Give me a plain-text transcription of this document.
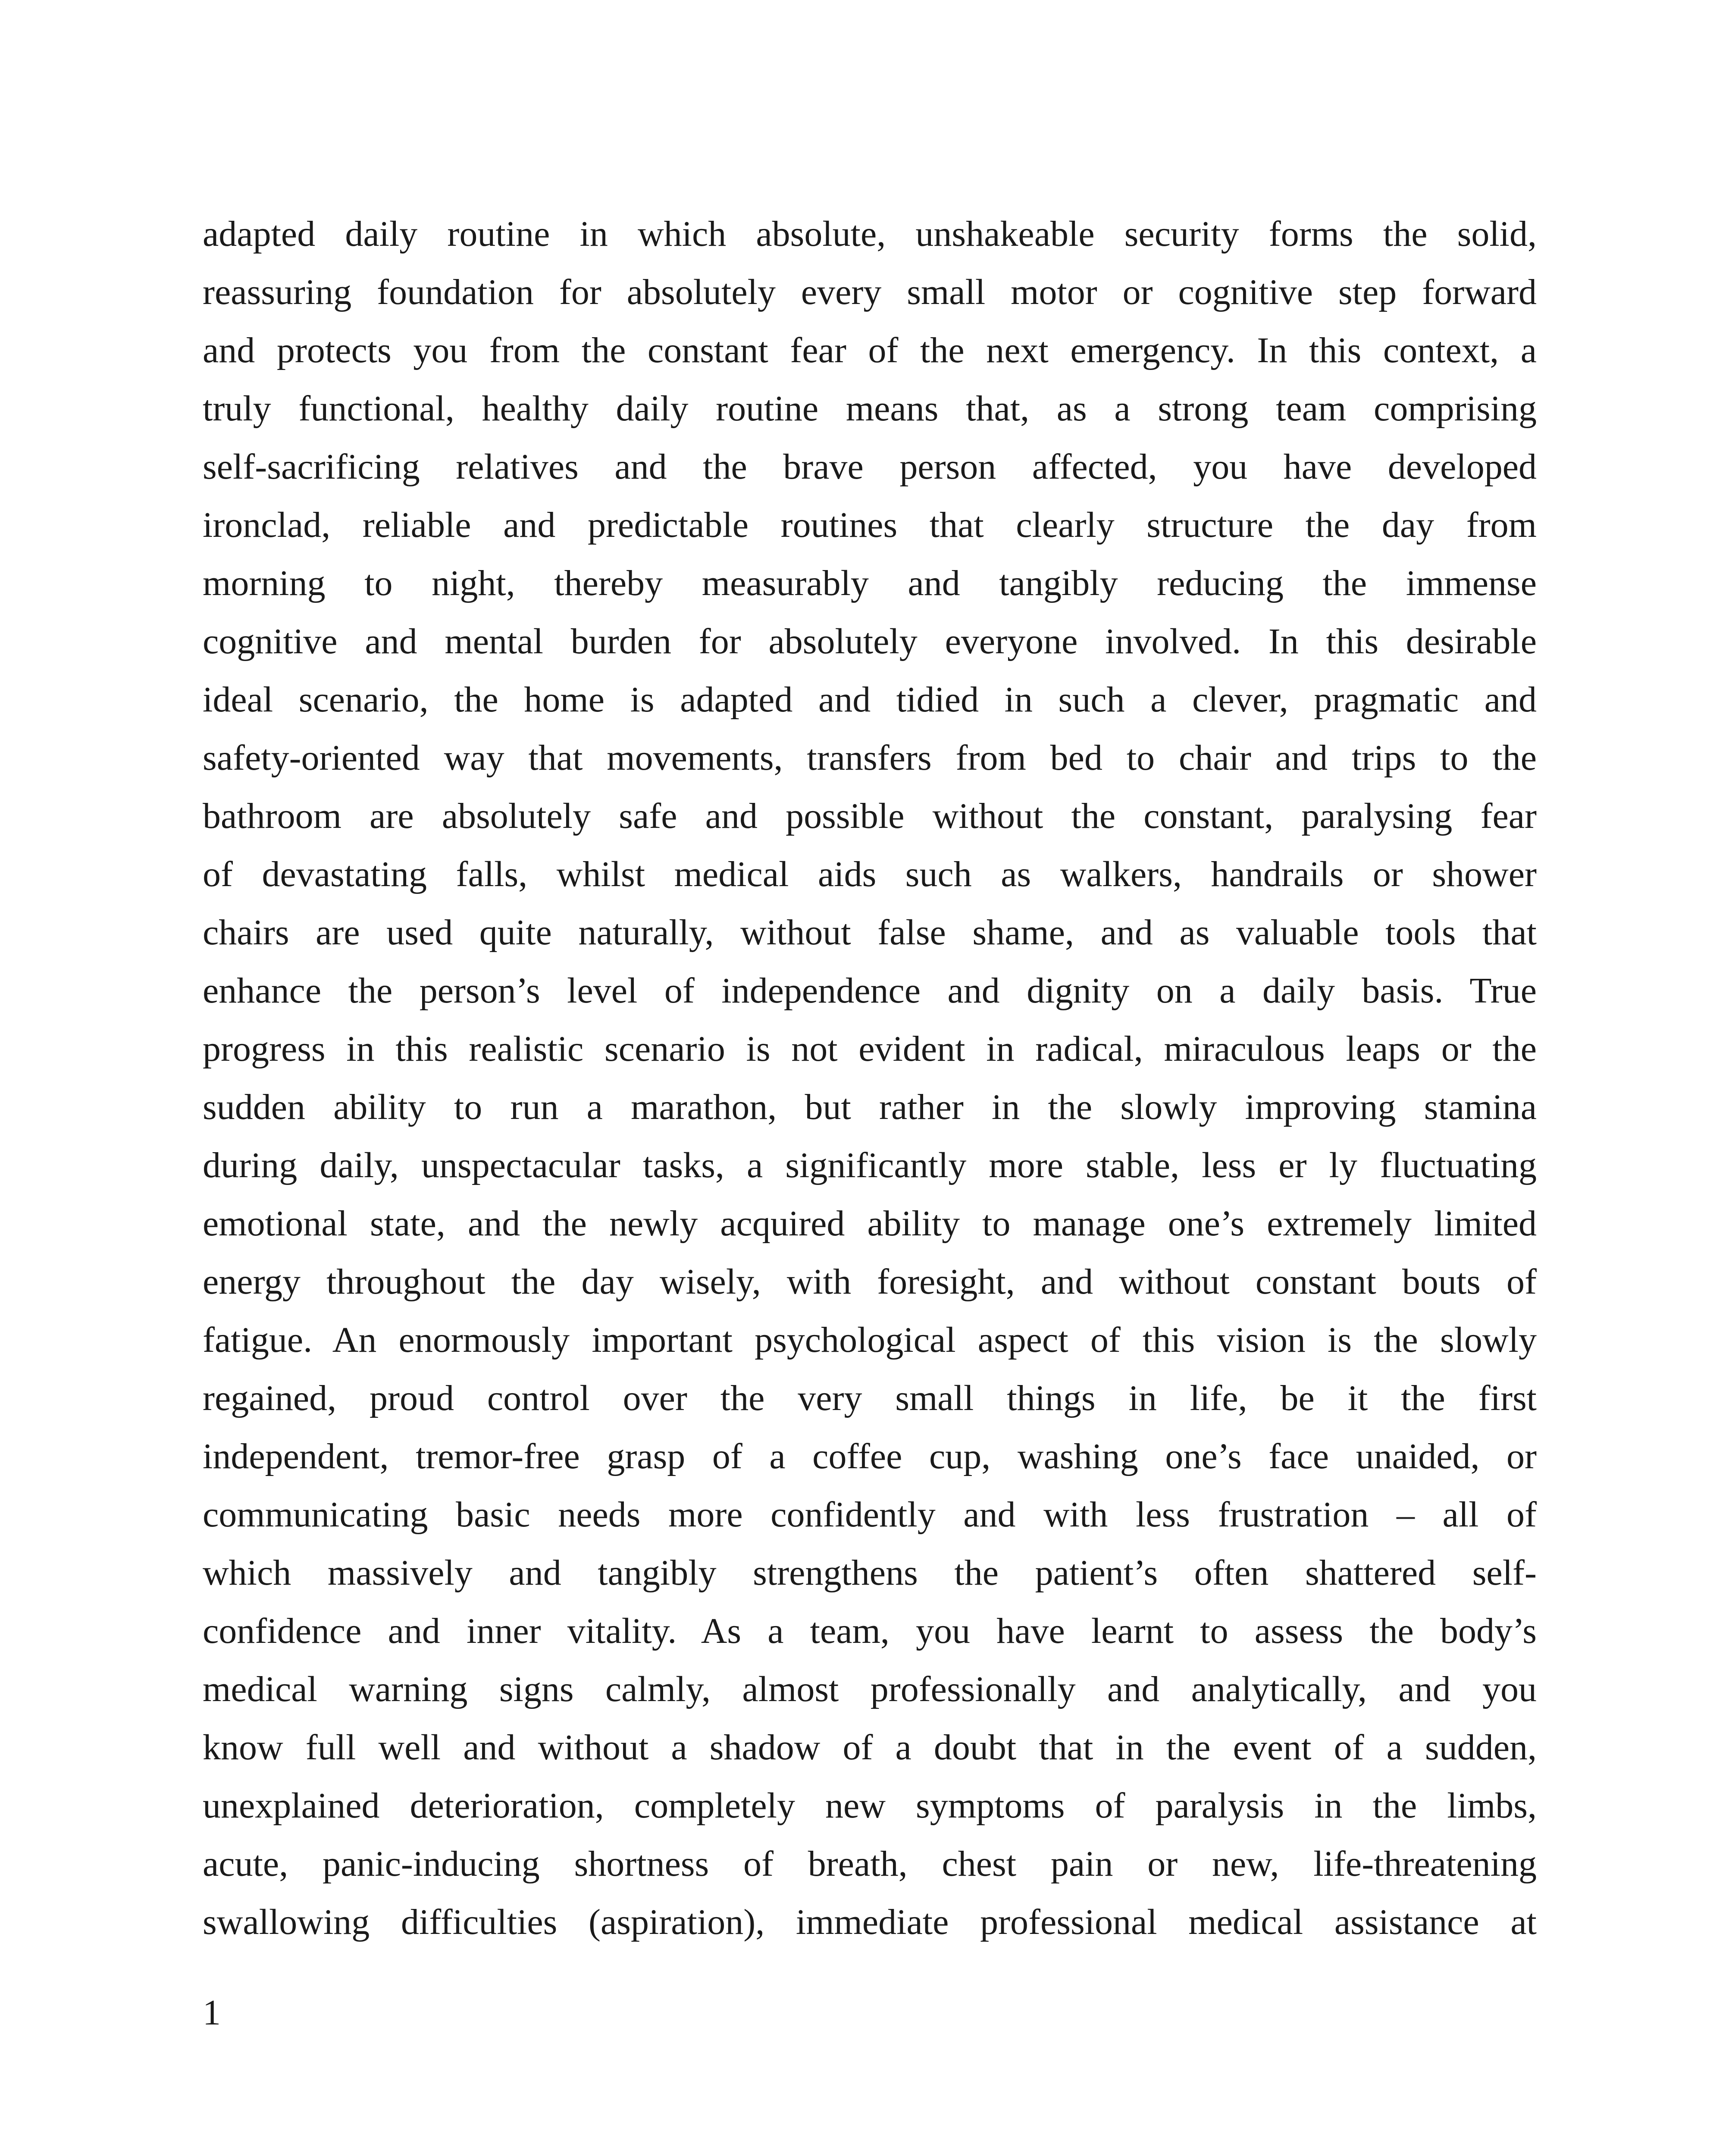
adapted daily routine in which absolute, unshakeable security forms the solid,
reassuring foundation for absolutely every small motor or cognitive step forward
and protects you from the constant fear of the next emergency. In this context, a
truly functional, healthy daily routine means that, as a strong team comprising
self-sacrificing relatives and the brave person affected, you have developed
ironclad, reliable and predictable routines that clearly structure the day from
morning to night, thereby measurably and tangibly reducing the immense
cognitive and mental burden for absolutely everyone involved. In this desirable
ideal scenario, the home is adapted and tidied in such a clever, pragmatic and
safety-oriented way that movements, transfers from bed to chair and trips to the
bathroom are absolutely safe and possible without the constant, paralysing fear
of devastating falls, whilst medical aids such as walkers, handrails or shower
chairs are used quite naturally, without false shame, and as valuable tools that
enhance the person’s level of independence and dignity on a daily basis. True
progress in this realistic scenario is not evident in radical, miraculous leaps or the
sudden ability to run a marathon, but rather in the slowly improving stamina
during daily, unspectacular tasks, a significantly more stable, less er ly fluctuating
emotional state, and the newly acquired ability to manage one’s extremely limited
energy throughout the day wisely, with foresight, and without constant bouts of
fatigue. An enormously important psychological aspect of this vision is the slowly
regained, proud control over the very small things in life, be it the first
independent, tremor-free grasp of a coffee cup, washing one’s face unaided, or
communicating basic needs more confidently and with less frustration – all of
which massively and tangibly strengthens the patient’s often shattered self-
confidence and inner vitality. As a team, you have learnt to assess the body’s
medical warning signs calmly, almost professionally and analytically, and you
know full well and without a shadow of a doubt that in the event of a sudden,
unexplained deterioration, completely new symptoms of paralysis in the limbs,
acute, panic-inducing shortness of breath, chest pain or new, life-threatening
swallowing difficulties (aspiration), immediate professional medical assistance at

1
